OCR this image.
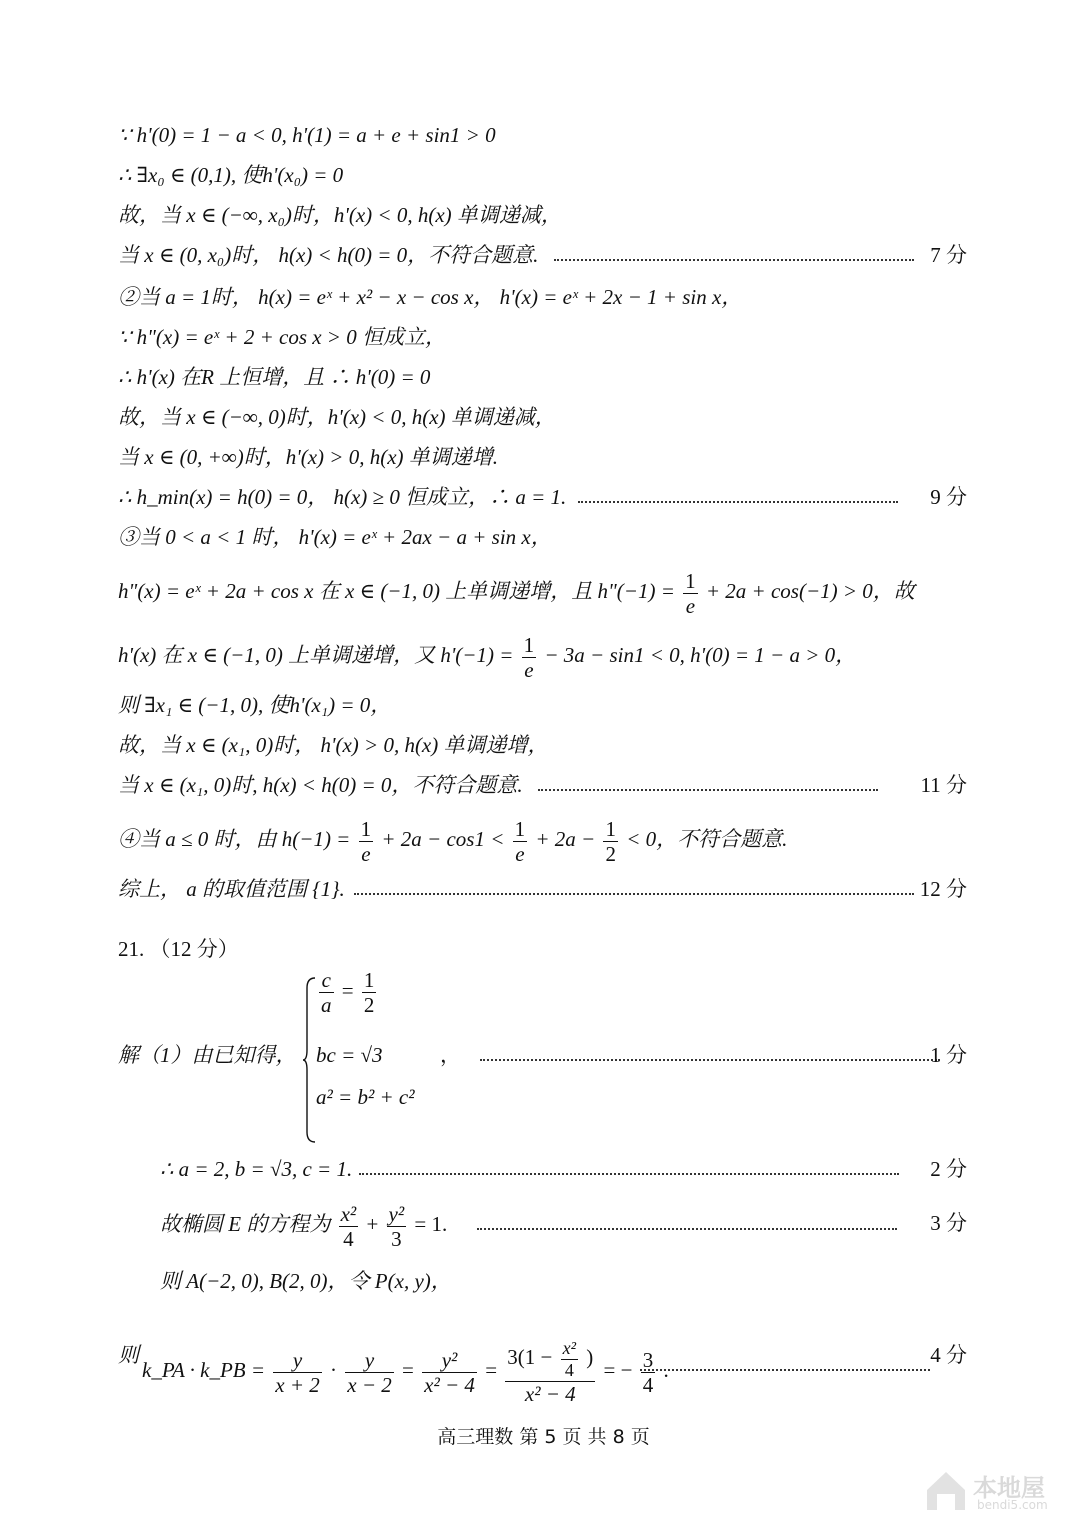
∵ h'(0) = 1 − a < 0, h'(1) = a + e + sin1 > 0
∴ ∃x₀ ∈ (0,1), 使h'(x₀) = 0
故，当 x ∈ (−∞, x₀)时，h'(x) < 0, h(x) 单调递减，
当 x ∈ (0, x₀)时， h(x) < h(0) = 0，不符合题意.	7 分
②当 a = 1时， h(x) = eˣ + x² − x − cos x， h'(x) = eˣ + 2x − 1 + sin x，
∵ h"(x) = eˣ + 2 + cos x > 0 恒成立，
∴ h'(x) 在R 上恒增，且 ∴ h'(0) = 0
故，当 x ∈ (−∞, 0)时，h'(x) < 0, h(x) 单调递减，
当 x ∈ (0, +∞)时，h'(x) > 0, h(x) 单调递增.
∴ h_min(x) = h(0) = 0， h(x) ≥ 0 恒成立，∴ a = 1.	9 分
③当 0 < a < 1 时， h'(x) = eˣ + 2ax − a + sin x，
h"(x) = eˣ + 2a + cos x 在 x ∈ (−1, 0) 上单调递增，且 h"(−1) = $\frac{1}{e} + 2a + \cos(-1) > 0$，故
h'(x) 在 x ∈ (−1, 0) 上单调递增，又 $h'(-1) = \frac{1}{e} - 3a - \sin 1 < 0$, h'(0) = 1 − a > 0，
则 ∃x₁ ∈ (−1, 0), 使h'(x₁) = 0，
故，当 x ∈ (x₁, 0)时， h'(x) > 0, h(x) 单调递增，
当 x ∈ (x₁, 0)时, h(x) < h(0) = 0，不符合题意.	11 分
④当 a ≤ 0 时，由 $h(-1) = \frac{1}{e} + 2a - \cos 1 < \frac{1}{e} + 2a - \frac{1}{2} < 0$，不符合题意.
综上， a 的取值范围 {1}.	12 分
21. （12 分）
解（1）由已知得，
$\frac{c}{a} = \frac{1}{2}$
bc = √3
a² = b² + c²
，	1 分
∴ a = 2, b = √3, c = 1.	2 分
故椭圆 E 的方程为 $\frac{\text{x²}}{4} + \frac{\text{y²}}{3} = 1$.	3 分
则 A(−2, 0), B(2, 0)，令 P(x, y)，
则
k_PA · k_PB = $\frac{y}{x + 2} \cdot \frac{y}{x - 2} = \frac{\text{y²}}{\text{x² − 4}} = \frac{3(1 - \frac{\text{x²}}{4} )}{\text{x² − 4}}$ = − $\frac{3}{4}$ .
4 分
高三理数 第 5 页 共 8 页
本地屋
bendi5.com
